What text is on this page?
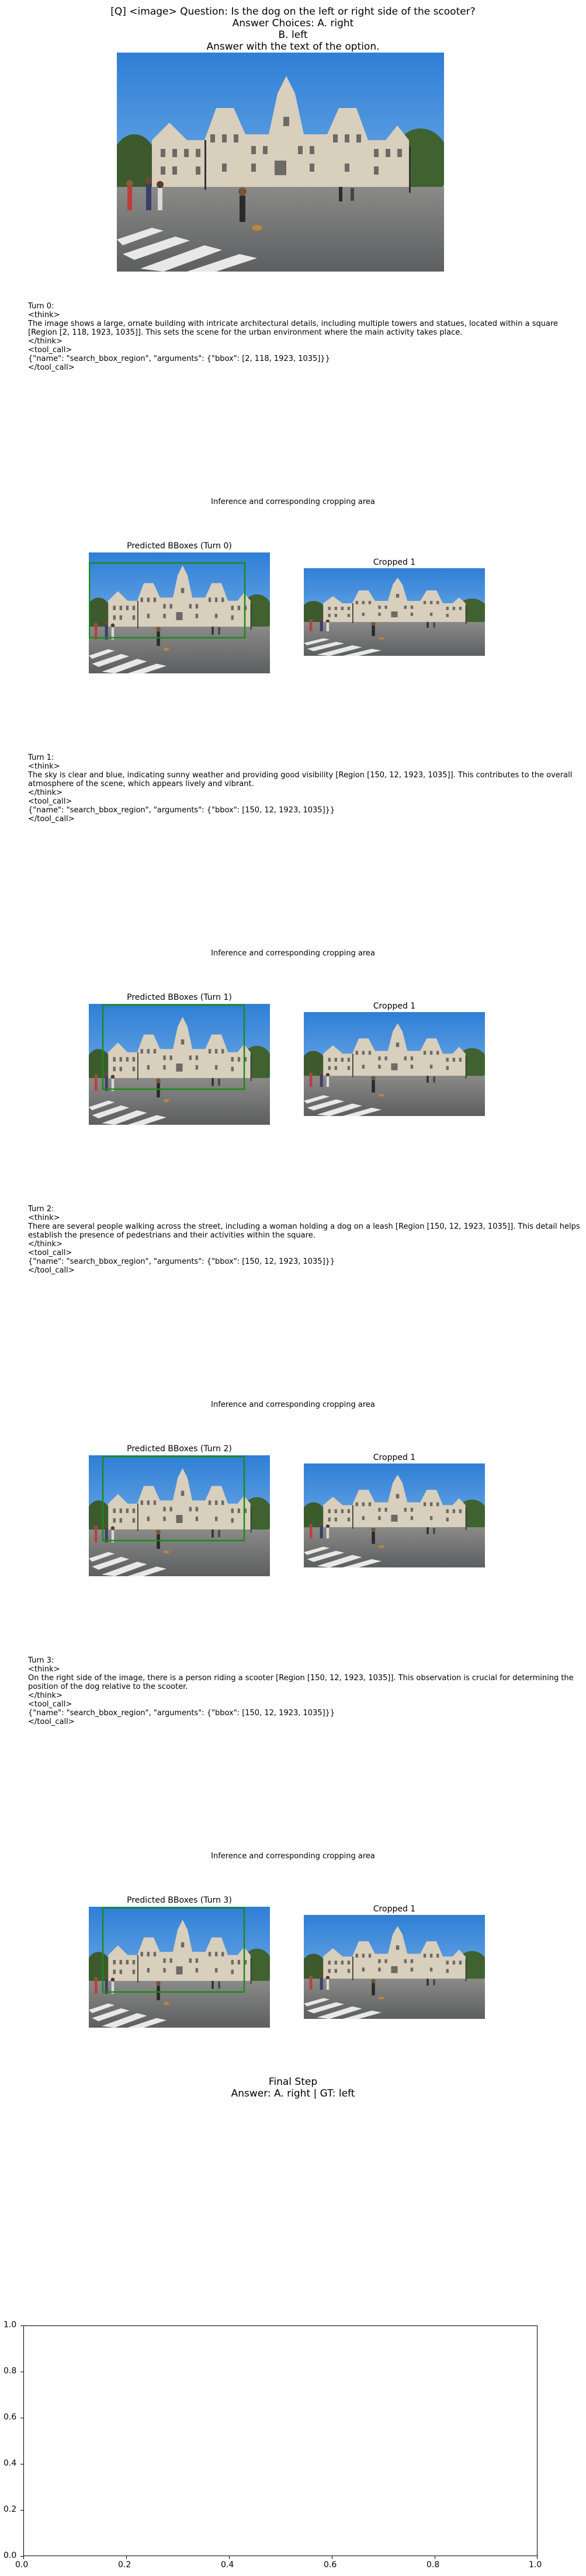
[Q] <image> Question: Is the dog on the left or right side of the scooter?
Answer Choices: A. right
B. left
Answer with the text of the option.
Turn 0:
<think>
The image shows a large, ornate building with intricate architectural details, including multiple towers and statues, located within a square [Region [2, 118, 1923, 1035]]. This sets the scene for the urban environment where the main activity takes place.
</think>
<tool_call>
{"name": "search_bbox_region", "arguments": {"bbox": [2, 118, 1923, 1035]}}
</tool_call>
Inference and corresponding cropping area
Predicted BBoxes (Turn 0)
Cropped 1
Turn 1:
<think>
The sky is clear and blue, indicating sunny weather and providing good visibility [Region [150, 12, 1923, 1035]]. This contributes to the overall atmosphere of the scene, which appears lively and vibrant.
</think>
<tool_call>
{"name": "search_bbox_region", "arguments": {"bbox": [150, 12, 1923, 1035]}}
</tool_call>
Inference and corresponding cropping area
Predicted BBoxes (Turn 1)
Cropped 1
Turn 2:
<think>
There are several people walking across the street, including a woman holding a dog on a leash [Region [150, 12, 1923, 1035]]. This detail helps establish the presence of pedestrians and their activities within the square.
</think>
<tool_call>
{"name": "search_bbox_region", "arguments": {"bbox": [150, 12, 1923, 1035]}}
</tool_call>
Inference and corresponding cropping area
Predicted BBoxes (Turn 2)
Cropped 1
Turn 3:
<think>
On the right side of the image, there is a person riding a scooter [Region [150, 12, 1923, 1035]]. This observation is crucial for determining the position of the dog relative to the scooter.
</think>
<tool_call>
{"name": "search_bbox_region", "arguments": {"bbox": [150, 12, 1923, 1035]}}
</tool_call>
Inference and corresponding cropping area
Predicted BBoxes (Turn 3)
Cropped 1
Final Step
Answer: A. right | GT: left
0.0	0.2	0.4	0.6	0.8	1.0
0.0
0.2
0.4
0.6
0.8
1.0
